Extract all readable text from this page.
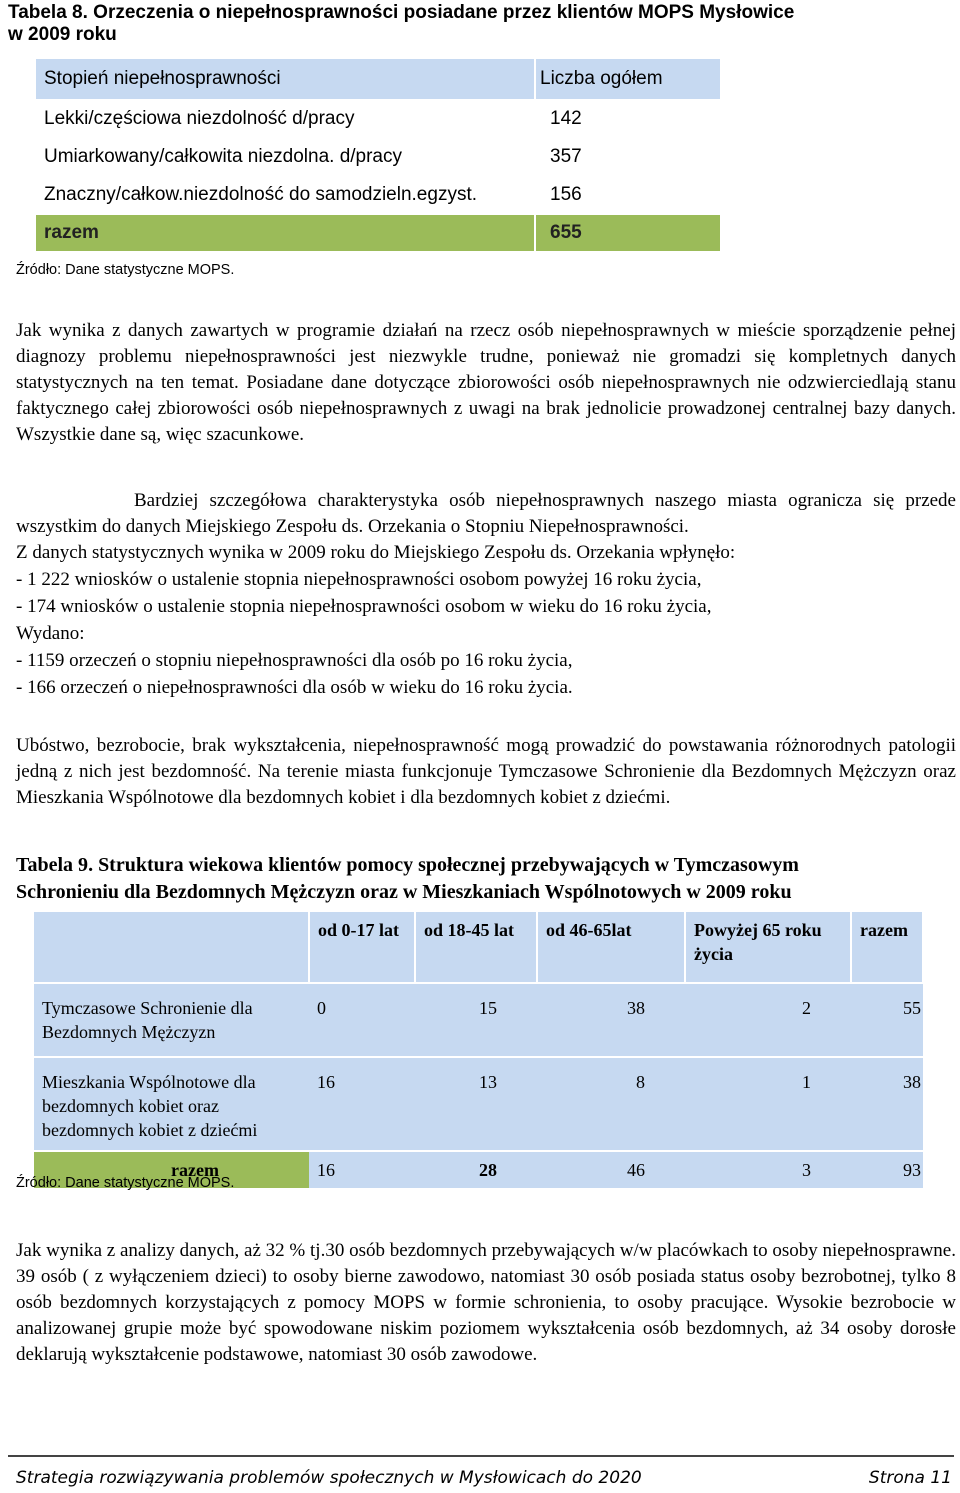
Tabela 8. Orzeczenia o niepełnosprawności posiadane przez klientów MOPS Mysłowice
w 2009 roku
Stopień niepełnosprawności	Liczba ogółem
Lekki/częściowa niezdolność d/pracy	142
Umiarkowany/całkowita niezdolna. d/pracy	357
Znaczny/całkow.niezdolność do samodzieln.egzyst.	156
razem	655
Źródło: Dane statystyczne MOPS.
Jak wynika z danych zawartych w programie działań na rzecz osób niepełnosprawnych w mieście sporządzenie pełnej diagnozy problemu niepełnosprawności jest niezwykle trudne, ponieważ nie gromadzi się kompletnych danych statystycznych na ten temat. Posiadane dane dotyczące zbiorowości osób niepełnosprawnych nie odzwierciedlają stanu faktycznego całej zbiorowości osób niepełnosprawnych z uwagi na brak jednolicie prowadzonej centralnej bazy danych. Wszystkie dane są, więc szacunkowe.
Bardziej szczegółowa charakterystyka osób niepełnosprawnych naszego miasta ogranicza się przede wszystkim do danych Miejskiego Zespołu ds. Orzekania o Stopniu Niepełnosprawności.
Z danych statystycznych wynika w 2009 roku do Miejskiego Zespołu ds. Orzekania wpłynęło:
- 1 222 wniosków o ustalenie stopnia niepełnosprawności osobom powyżej 16 roku życia,
- 174 wniosków o ustalenie stopnia niepełnosprawności osobom w wieku do 16 roku życia,
Wydano:
- 1159 orzeczeń o stopniu niepełnosprawności dla osób po 16 roku życia,
- 166 orzeczeń o niepełnosprawności dla osób w wieku do 16 roku życia.
Ubóstwo, bezrobocie, brak wykształcenia, niepełnosprawność mogą prowadzić do powstawania różnorodnych patologii jedną z nich jest bezdomność. Na terenie miasta funkcjonuje Tymczasowe Schronienie dla Bezdomnych Mężczyzn oraz Mieszkania Wspólnotowe dla bezdomnych kobiet i dla bezdomnych kobiet z dziećmi.
Tabela 9. Struktura wiekowa klientów pomocy społecznej przebywających w Tymczasowym
Schronieniu dla Bezdomnych Mężczyzn oraz w Mieszkaniach Wspólnotowych w 2009 roku
	od 0-17 lat	od 18-45 lat	od 46-65lat	Powyżej 65 roku życia	razem
Tymczasowe Schronienie dla Bezdomnych Mężczyzn	0	15	38	2	55
Mieszkania Wspólnotowe dla bezdomnych kobiet oraz bezdomnych kobiet z dziećmi	16	13	8	1	38
razem	16	28	46	3	93
Źródło: Dane statystyczne MOPS.
Jak wynika z analizy danych, aż 32 % tj.30 osób bezdomnych przebywających w/w placówkach to osoby niepełnosprawne. 39 osób ( z wyłączeniem dzieci) to osoby bierne zawodowo, natomiast 30 osób posiada status osoby bezrobotnej, tylko 8 osób bezdomnych korzystających z pomocy MOPS w formie schronienia, to osoby pracujące. Wysokie bezrobocie w analizowanej grupie może być spowodowane niskim poziomem wykształcenia osób bezdomnych, aż 34 osoby dorosłe deklarują wykształcenie podstawowe, natomiast 30 osób zawodowe.
Strategia rozwiązywania problemów społecznych w Mysłowicach do 2020	Strona 11
